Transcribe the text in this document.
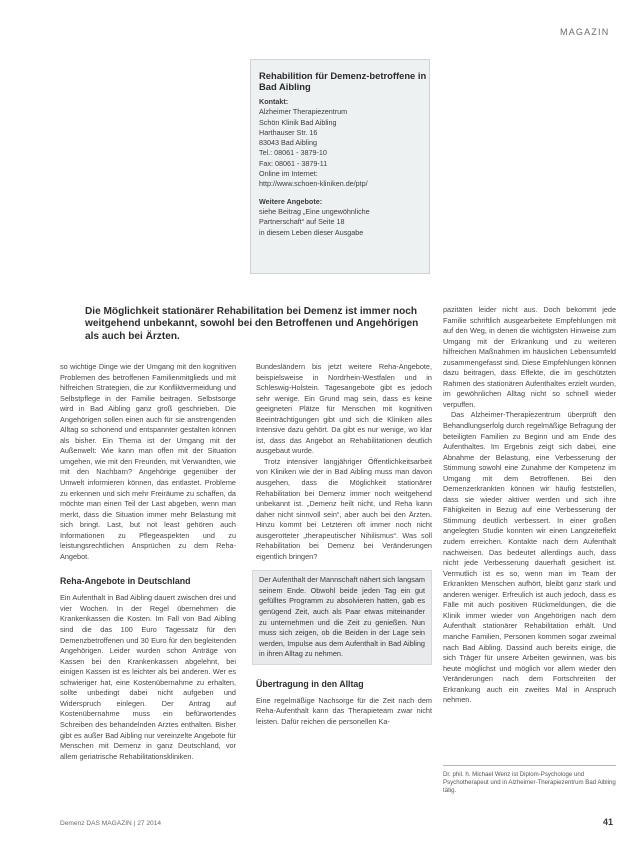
MAGAZIN
Rehabilition für Demenz-betroffene in Bad Aibling
Kontakt:
Alzheimer Therapiezentrum
Schön Klinik Bad Aibling
Harthauser Str. 16
83043 Bad Aibling
Tel.: 08061 - 3879-10
Fax: 08061 - 3879-11
Online im Internet:
http://www.schoen-kliniken.de/ptp/
Weitere Angebote:
siehe Beitrag „Eine ungewöhnliche
Partnerschaft“ auf Seite 18
in diesem Leben dieser Ausgabe
Die Möglichkeit stationärer Rehabilitation bei Demenz ist immer noch weitgehend unbekannt, sowohl bei den Betroffenen und Angehörigen als auch bei Ärzten.

so wichtige Dinge wie der Umgang mit den kognitiven Problemen des betroffenen Familienmitglieds und mit hilfreichen Strategien, die zur Konfliktvermeidung und Selbstpflege in der Familie beitragen. Selbstsorge wird in Bad Aibling ganz groß geschrieben. Die Angehörigen sollen einen auch für sie anstrengenden Alltag so schonend und entspannter gestalten können als bisher. Ein Thema ist der Umgang mit der Außenwelt: Wie kann man offen mit der Situation umgehen, wie mit den Freunden, mit Verwandten, wie mit den Nachbarn? Angehörige gegenüber der Umwelt informieren können, das entlastet. Probleme zu erkennen und sich mehr Freiräume zu schaffen, da möchte man einen Teil der Last abgeben, wenn man merkt, dass die Situation immer mehr Belastung mit sich bringt. Last, but not least gehören auch Informationen zu Pflegeaspekten und zu leistungsrechtlichen Ansprüchen zu dem Reha-Angebot.

Reha-Angebote in Deutschland

Ein Aufenthalt in Bad Aibling dauert zwischen drei und vier Wochen. In der Regel übernehmen die Krankenkassen die Kosten. Im Fall von Bad Aibling sind die das 100 Euro Tagessatz für den Demenzbetroffenen und 30 Euro für den begleitenden Angehörigen. Leider wurden schon Anträge von Kassen bei den Krankenkassen abgelehnt, bei einigen Kassen ist es leichter als bei anderen. Wer es schwieriger hat, eine Kostenübernahme zu erhalten, sollte unbedingt dabei nicht aufgeben und Widerspruch einlegen. Der Antrag auf Kostenübernahme muss ein befürwortendes Schreiben des behandelnden Arztes enthalten. Bisher gibt es außer Bad Aibling nur vereinzelte Angebote für Menschen mit Demenz in ganz Deutschland, vor allem geriatrische Rehabilitationskliniken.

Bundesländern bis jetzt weitere Reha-Angebote, beispielsweise in Nordrhein-Westfalen und in Schleswig-Holstein. Tagesangebote gibt es jedoch sehr wenige. Ein Grund mag sein, dass es keine geeigneten Plätze für Menschen mit kognitiven Beeinträchtigungen gibt und sich die Kliniken alles Intensive dazu gehört. Da gibt es nur wenige, wo klar ist, dass das Angebot an Rehabilitationen deutlich ausgebaut wurde.

Trotz intensiver langjähriger Öffentlichkeitsarbeit von Kliniken wie der in Bad Aibling muss man davon ausgehen, dass die Möglichkeit stationärer Rehabilitation bei Demenz immer noch weitgehend unbekannt ist. „Demenz heilt nicht, und Reha kann daher nicht sinnvoll sein“, aber auch bei den Ärzten. Hinzu kommt bei Letzteren oft immer noch nicht ausgerotteter „therapeutischer Nihilismus“. Was soll Rehabilitation bei Demenz bei Veränderungen eigentlich bringen?

Der Aufenthalt der Mannschaft nähert sich langsam seinem Ende. Obwohl beide jeden Tag ein gut gefülltes Programm zu absolvieren hatten, gab es genügend Zeit, auch als Paar etwas miteinander zu unternehmen und die Zeit zu genießen. Nun muss sich zeigen, ob die Beiden in der Lage sein werden, Impulse aus dem Aufenthalt in Bad Aibling in ihren Alltag zu nehmen.

Übertragung in den Alltag

Eine regelmäßige Nachsorge für die Zeit nach dem Reha-Aufenthalt kann das Therapieteam zwar nicht leisten. Dafür reichen die personellen Ka-

pazitäten leider nicht aus. Doch bekommt jede Familie schriftlich ausgearbeitete Empfehlungen mit auf den Weg, in denen die wichtigsten Hinweise zum Umgang mit der Erkrankung und zu weiteren hilfreichen Maßnahmen im häuslichen Lebensumfeld zusammengefasst sind. Diese Empfehlungen können dazu beitragen, dass Effekte, die im geschützten Rahmen des stationären Aufenthaltes erzielt wurden, im gewöhnlichen Alltag nicht so schnell wieder verpuffen.

Das Alzheimer-Therapiezentrum überprüft den Behandlungserfolg durch regelmäßige Befragung der beteiligten Familien zu Beginn und am Ende des Aufenthaltes. Im Ergebnis zeigt sich dabei, eine Abnahme der Belastung, eine Verbesserung der Stimmung sowohl eine Zunahme der Kompetenz im Umgang mit dem Betroffenen. Bei den Demenzerkrankten können wir häufig feststellen, dass sie wieder aktiver werden und sich ihre Fähigkeiten in Bezug auf eine Verbesserung der Stimmung deutlich verbessert. In einer großen angelegten Studie konnten wir einen Langzeiteffekt zudem erreichen. Kontakte nach dem Aufenthalt nachweisen. Das bedeutet allerdings auch, dass nicht jede Verbesserung dauerhaft gesichert ist. Vermutlich ist es so, wenn man im Team der Erkrankten Menschen aufhört, bleibt ganz stark und anderen weniger. Erfreulich ist auch jedoch, dass es Fälle mit auch positiven Rückmeldungen, die die Klinik immer wieder von Angehörigen nach dem Aufenthalt stationärer Rehabilitation erhält. Und manche Familien, Personen kommen sogar zweimal nach Bad Aibling. Dassind auch bereits einige, die sich Träger für unsere Arbeiten gewinnen, was bis heute möglichst und möglich vor allem wieder den Veränderungen nach dem Fortschreiten der Erkrankung auch ein zweites Mal in Anspruch nehmen.

Dr. phil. h. Michael Wenz ist Diplom-Psychologe und Psychotherapeut und in Alzheimer-Therapiezentrum Bad Aibling tätig.
Demenz DAS MAGAZIN | 27 2014	41
